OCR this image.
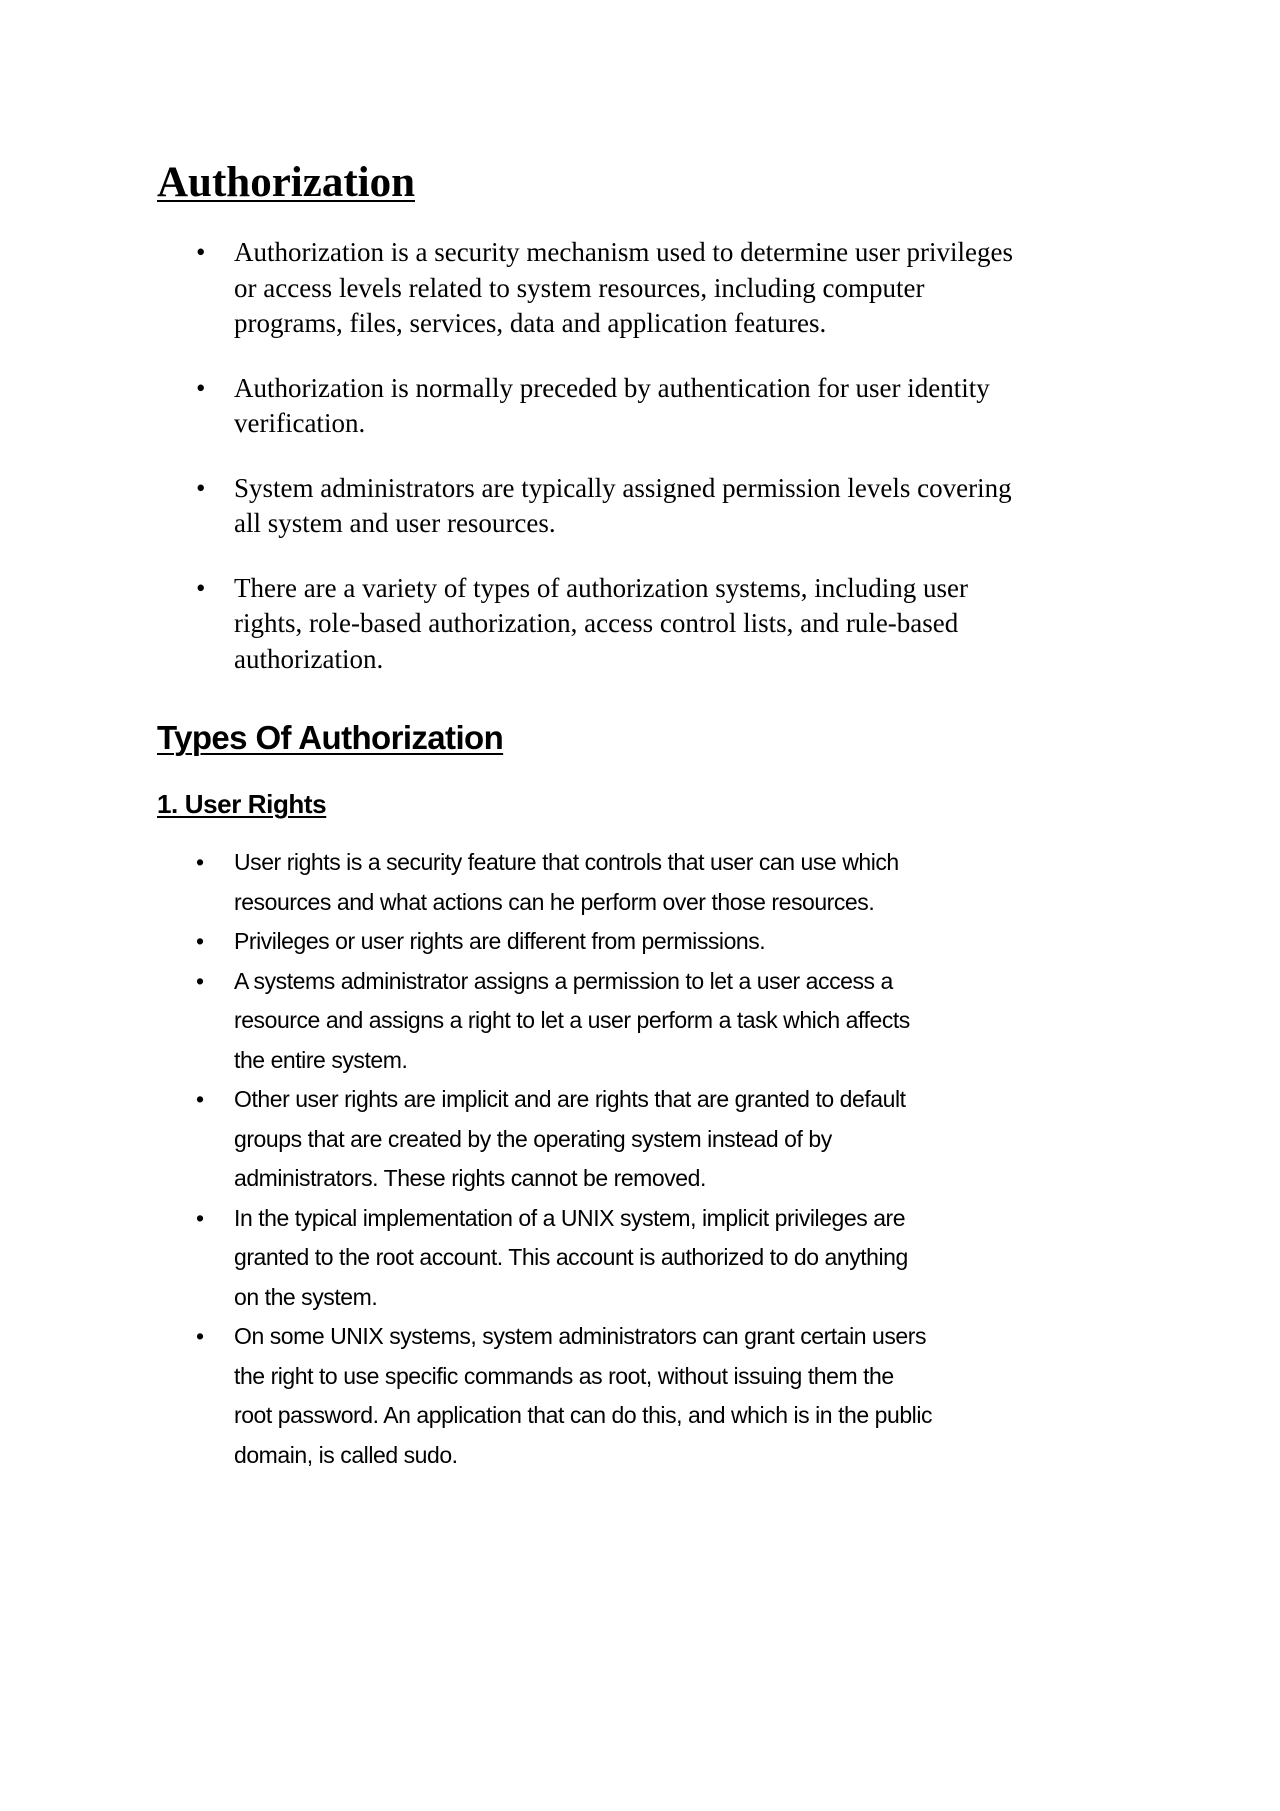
Authorization
• Authorization is a security mechanism used to determine user privileges
or access levels related to system resources, including computer
programs, files, services, data and application features.
• Authorization is normally preceded by authentication for user identity
verification.
• System administrators are typically assigned permission levels covering
all system and user resources.
• There are a variety of types of authorization systems, including user
rights, role-based authorization, access control lists, and rule-based
authorization.
Types Of Authorization
1. User Rights
• User rights is a security feature that controls that user can use which
resources and what actions can he perform over those resources.
• Privileges or user rights are different from permissions.
• A systems administrator assigns a permission to let a user access a
resource and assigns a right to let a user perform a task which affects
the entire system.
• Other user rights are implicit and are rights that are granted to default
groups that are created by the operating system instead of by
administrators. These rights cannot be removed.
• In the typical implementation of a UNIX system, implicit privileges are
granted to the root account. This account is authorized to do anything
on the system.
• On some UNIX systems, system administrators can grant certain users
the right to use specific commands as root, without issuing them the
root password. An application that can do this, and which is in the public
domain, is called sudo.
